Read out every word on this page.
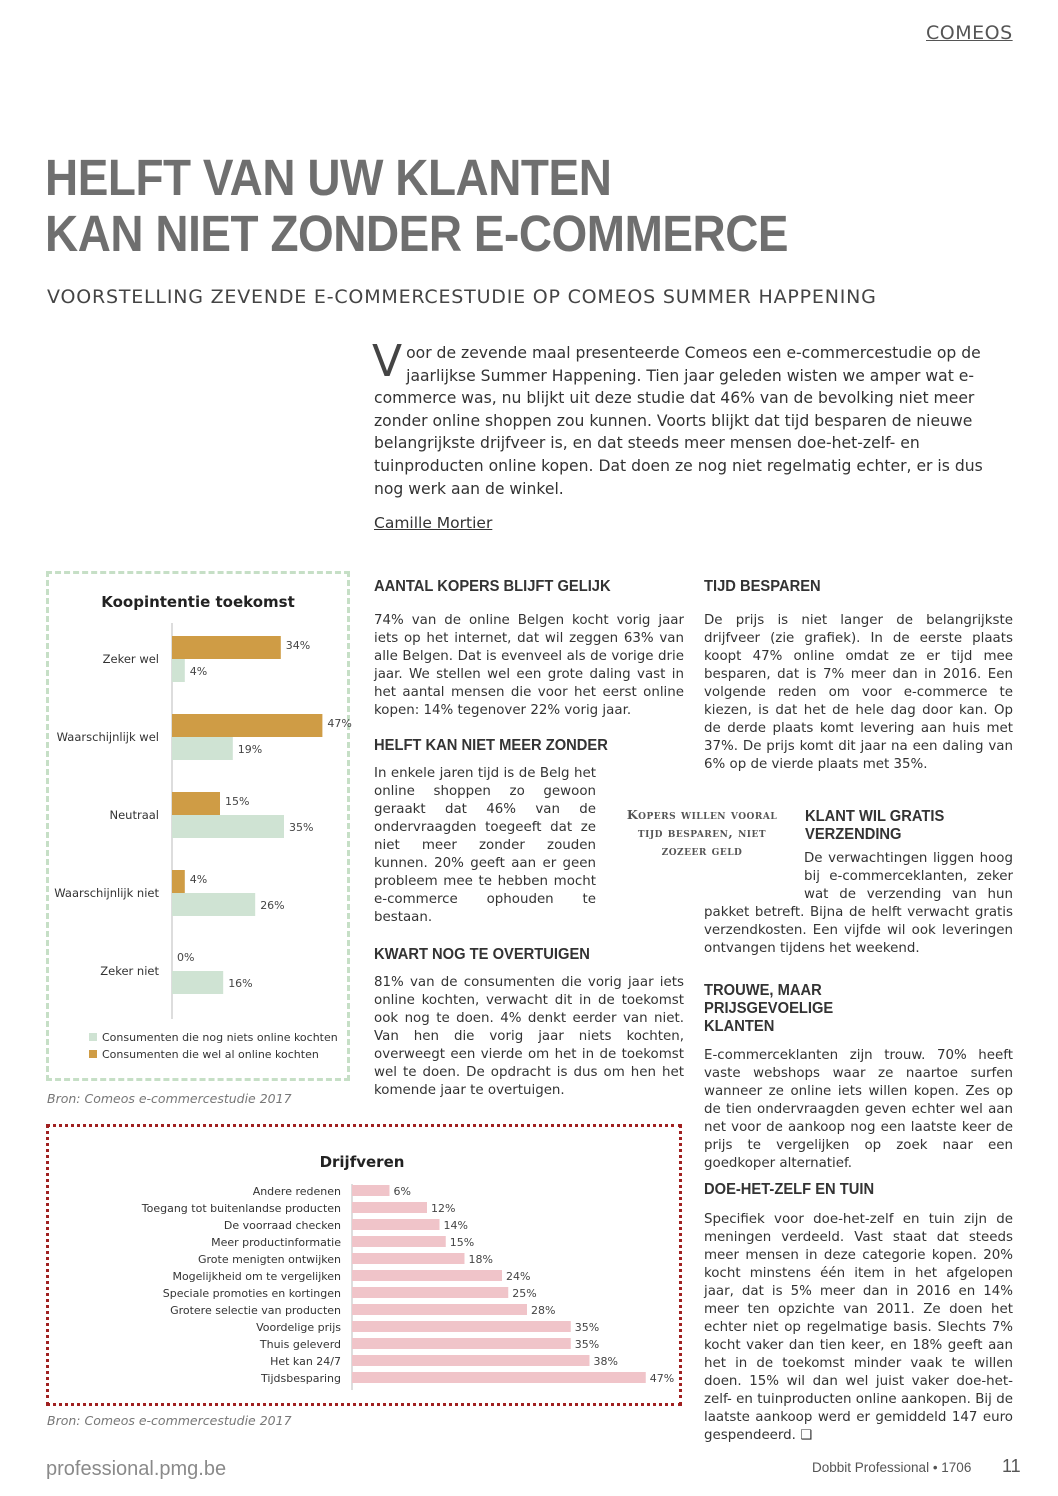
COMEOS
HELFT VAN UW KLANTEN
KAN NIET ZONDER E-COMMERCE
VOORSTELLING ZEVENDE E-COMMERCESTUDIE OP COMEOS SUMMER HAPPENING
Voor de zevende maal presenteerde Comeos een e-commercestudie op de jaarlijkse Summer Happening. Tien jaar geleden wisten we amper wat e-commerce was, nu blijkt uit deze studie dat 46% van de bevolking niet meer zonder online shoppen zou kunnen. Voorts blijkt dat tijd besparen de nieuwe belangrijkste drijfveer is, en dat steeds meer mensen doe-het-zelf- en tuinproducten online kopen. Dat doen ze nog niet regelmatig echter, er is dus nog werk aan de winkel.
Camille Mortier
AANTAL KOPERS BLIJFT GELIJK
74% van de online Belgen kocht vorig jaar iets op het internet, dat wil zeggen 63% van alle Belgen. Dat is evenveel als de vorige drie jaar. We stellen wel een grote daling vast in het aantal mensen die voor het eerst online kopen: 14% tegenover 22% vorig jaar.
HELFT KAN NIET MEER ZONDER
In enkele jaren tijd is de Belg het online shoppen zo gewoon geraakt dat 46% van de ondervraagden toegeeft dat ze niet meer zonder zouden kunnen. 20% geeft aan er geen probleem mee te hebben mocht e-commerce ophouden te bestaan.
KWART NOG TE OVERTUIGEN
81% van de consumenten die vorig jaar iets online kochten, verwacht dit in de toekomst ook nog te doen. 4% denkt eerder van niet. Van hen die vorig jaar niets kochten, overweegt een vierde om het in de toekomst wel te doen. De opdracht is dus om hen het komende jaar te overtuigen.
Kopers willen vooral
tijd besparen, niet
zozeer geld
TIJD BESPAREN
De prijs is niet langer de belangrijkste drijfveer (zie grafiek). In de eerste plaats koopt 47% online omdat ze er tijd mee besparen, dat is 7% meer dan in 2016. Een volgende reden om voor e-commerce te kiezen, is dat het de hele dag door kan. Op de derde plaats komt levering aan huis met 37%. De prijs komt dit jaar na een daling van 6% op de vierde plaats met 35%.
KLANT WIL GRATIS VERZENDING
De verwachtingen liggen hoog bij e-commerceklanten, zeker wat de verzending van hun pakket betreft. Bijna de helft verwacht gratis verzendkosten. Een vijfde wil ook leveringen ontvangen tijdens het weekend.
TROUWE, MAAR PRIJSGEVOELIGE KLANTEN
E-commerceklanten zijn trouw. 70% heeft vaste webshops waar ze naartoe surfen wanneer ze online iets willen kopen. Zes op de tien ondervraagden geven echter wel aan net voor de aankoop nog een laatste keer de prijs te vergelijken op zoek naar een goedkoper alternatief.
DOE-HET-ZELF EN TUIN
Specifiek voor doe-het-zelf en tuin zijn de meningen verdeeld. Vast staat dat steeds meer mensen in deze categorie kopen. 20% kocht minstens één item in het afgelopen jaar, dat is 5% meer dan in 2016 en 14% meer ten opzichte van 2011. Ze doen het echter niet op regelmatige basis. Slechts 7% kocht vaker dan tien keer, en 18% geeft aan het in de toekomst minder vaak te willen doen. 15% wil dan wel juist vaker doe-het-zelf- en tuinproducten online aankopen. Bij de laatste aankoop werd er gemiddeld 147 euro gespendeerd. ❑
Koopintentie toekomst
Zeker wel
Waarschijnlijk wel
Neutraal
Waarschijnlijk niet
Zeker niet
34%
4%
47%
19%
15%
35%
4%
26%
0%
16%
Consumenten die nog niets online kochten
Consumenten die wel al online kochten
Bron: Comeos e-commercestudie 2017
Drijfveren
Andere redenen
Toegang tot buitenlandse producten
De voorraad checken
Meer productinformatie
Grote menigten ontwijken
Mogelijkheid om te vergelijken
Speciale promoties en kortingen
Grotere selectie van producten
Voordelige prijs
Thuis geleverd
Het kan 24/7
Tijdsbesparing
6%
12%
14%
15%
18%
24%
25%
28%
35%
35%
38%
47%
Bron: Comeos e-commercestudie 2017
professional.pmg.be	Dobbit Professional • 1706 11
